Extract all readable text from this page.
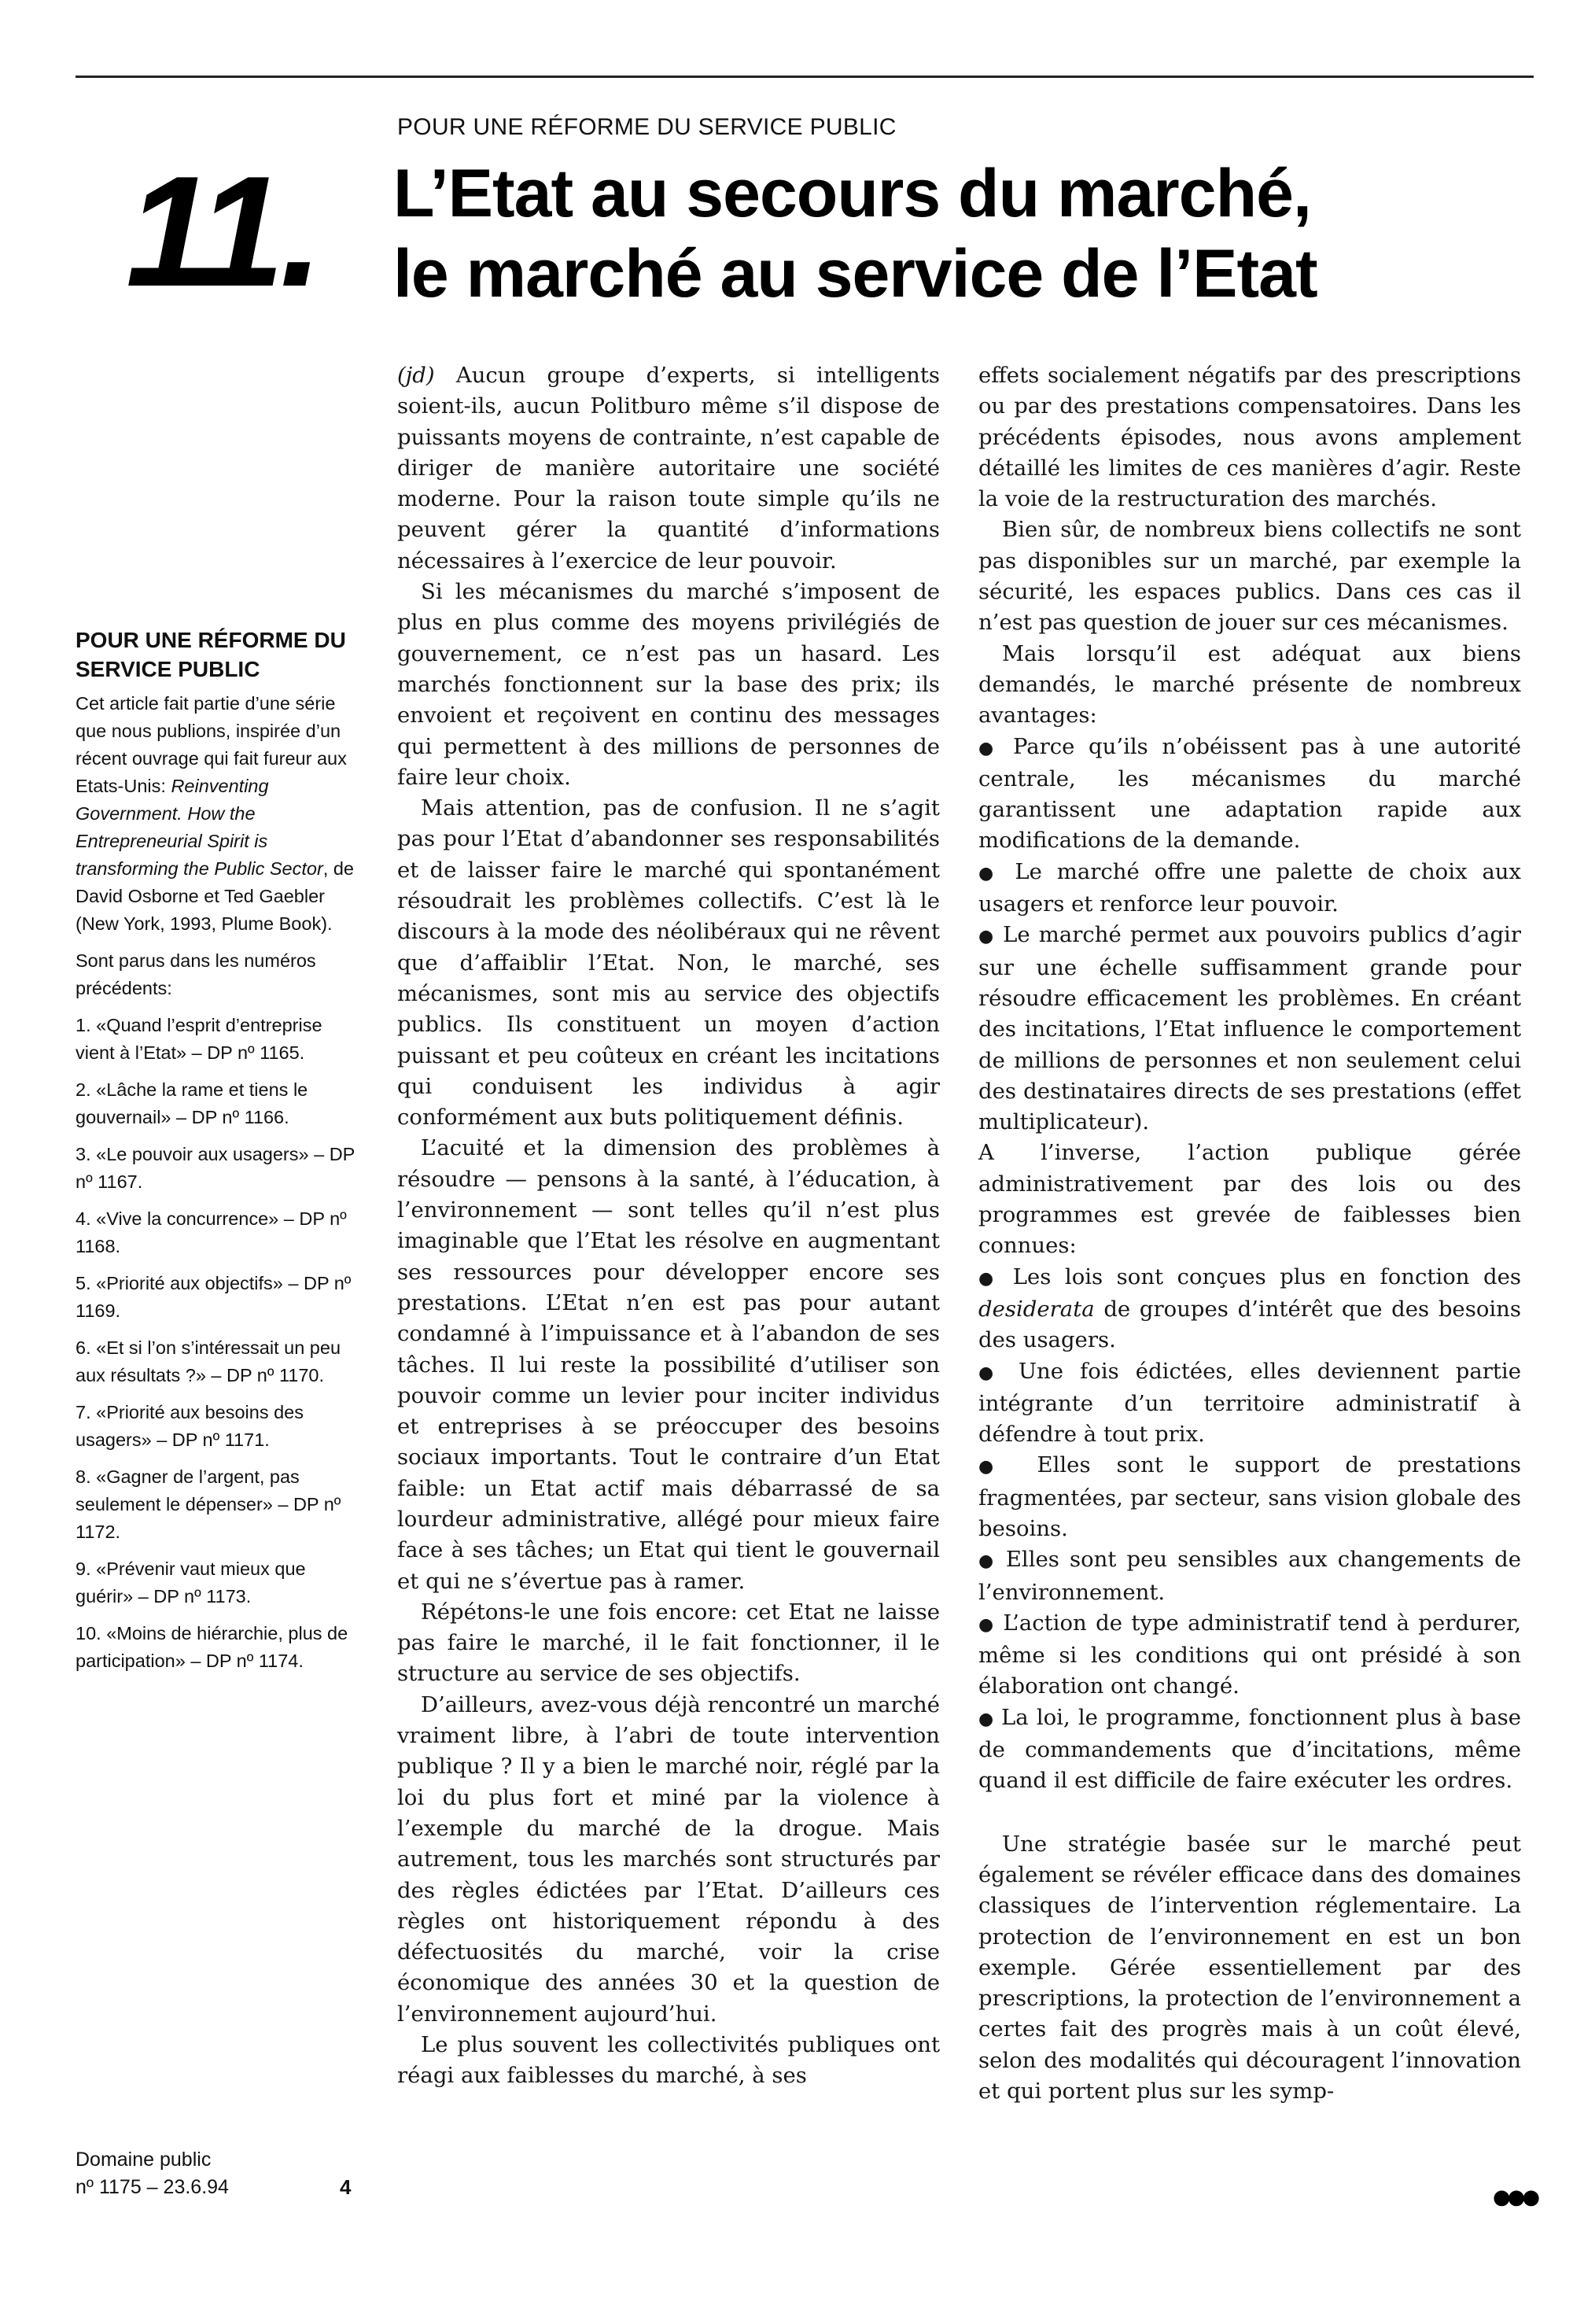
POUR UNE RÉFORME DU SERVICE PUBLIC
11. L’Etat au secours du marché,
le marché au service de l’Etat
POUR UNE RÉFORME DU SERVICE PUBLIC

Cet article fait partie d’une série que nous publions, inspirée d’un récent ouvrage qui fait fureur aux Etats-Unis: Reinventing Government. How the Entrepreneurial Spirit is transforming the Public Sector, de David Osborne et Ted Gaebler (New York, 1993, Plume Book).

Sont parus dans les numéros précédents:

1. «Quand l’esprit d’entreprise vient à l’Etat» – DP nº 1165.
2. «Lâche la rame et tiens le gouvernail» – DP nº 1166.
3. «Le pouvoir aux usagers» – DP nº 1167.
4. «Vive la concurrence» – DP nº 1168.
5. «Priorité aux objectifs» – DP nº 1169.
6. «Et si l’on s’intéressait un peu aux résultats ?» – DP nº 1170.
7. «Priorité aux besoins des usagers» – DP nº 1171.
8. «Gagner de l’argent, pas seulement le dépenser» – DP nº 1172.
9. «Prévenir vaut mieux que guérir» – DP nº 1173.
10. «Moins de hiérarchie, plus de participation» – DP nº 1174.
Domaine public
nº 1175 – 23.6.94	4

(jd) Aucun groupe d’experts, si intelligents soient-ils, aucun Politburo même s’il dispose de puissants moyens de contrainte, n’est capable de diriger de manière autoritaire une société moderne. Pour la raison toute simple qu’ils ne peuvent gérer la quantité d’informations nécessaires à l’exercice de leur pouvoir.

Si les mécanismes du marché s’imposent de plus en plus comme des moyens privilégiés de gouvernement, ce n’est pas un hasard. Les marchés fonctionnent sur la base des prix; ils envoient et reçoivent en continu des messages qui permettent à des millions de personnes de faire leur choix.

Mais attention, pas de confusion. Il ne s’agit pas pour l’Etat d’abandonner ses responsabilités et de laisser faire le marché qui spontanément résoudrait les problèmes collectifs. C’est là le discours à la mode des néolibéraux qui ne rêvent que d’affaiblir l’Etat. Non, le marché, ses mécanismes, sont mis au service des objectifs publics. Ils constituent un moyen d’action puissant et peu coûteux en créant les incitations qui conduisent les individus à agir conformément aux buts politiquement définis.

L’acuité et la dimension des problèmes à résoudre — pensons à la santé, à l’éducation, à l’environnement — sont telles qu’il n’est plus imaginable que l’Etat les résolve en augmentant ses ressources pour développer encore ses prestations. L’Etat n’en est pas pour autant condamné à l’impuissance et à l’abandon de ses tâches. Il lui reste la possibilité d’utiliser son pouvoir comme un levier pour inciter individus et entreprises à se préoccuper des besoins sociaux importants. Tout le contraire d’un Etat faible: un Etat actif mais débarrassé de sa lourdeur administrative, allégé pour mieux faire face à ses tâches; un Etat qui tient le gouvernail et qui ne s’évertue pas à ramer.

Répétons-le une fois encore: cet Etat ne laisse pas faire le marché, il le fait fonctionner, il le structure au service de ses objectifs.

D’ailleurs, avez-vous déjà rencontré un marché vraiment libre, à l’abri de toute intervention publique ? Il y a bien le marché noir, réglé par la loi du plus fort et miné par la violence à l’exemple du marché de la drogue. Mais autrement, tous les marchés sont structurés par des règles édictées par l’Etat. D’ailleurs ces règles ont historiquement répondu à des défectuosités du marché, voir la crise économique des années 30 et la question de l’environnement aujourd’hui.

Le plus souvent les collectivités publiques ont réagi aux faiblesses du marché, à ses

effets socialement négatifs par des prescriptions ou par des prestations compensatoires. Dans les précédents épisodes, nous avons amplement détaillé les limites de ces manières d’agir. Reste la voie de la restructuration des marchés.

Bien sûr, de nombreux biens collectifs ne sont pas disponibles sur un marché, par exemple la sécurité, les espaces publics. Dans ces cas il n’est pas question de jouer sur ces mécanismes.

Mais lorsqu’il est adéquat aux biens demandés, le marché présente de nombreux avantages:

● Parce qu’ils n’obéissent pas à une autorité centrale, les mécanismes du marché garantissent une adaptation rapide aux modifications de la demande.

● Le marché offre une palette de choix aux usagers et renforce leur pouvoir.

● Le marché permet aux pouvoirs publics d’agir sur une échelle suffisamment grande pour résoudre efficacement les problèmes. En créant des incitations, l’Etat influence le comportement de millions de personnes et non seulement celui des destinataires directs de ses prestations (effet multiplicateur).

A l’inverse, l’action publique gérée administrativement par des lois ou des programmes est grevée de faiblesses bien connues:

● Les lois sont conçues plus en fonction des desiderata de groupes d’intérêt que des besoins des usagers.

● Une fois édictées, elles deviennent partie intégrante d’un territoire administratif à défendre à tout prix.

● Elles sont le support de prestations fragmentées, par secteur, sans vision globale des besoins.

● Elles sont peu sensibles aux changements de l’environnement.

● L’action de type administratif tend à perdurer, même si les conditions qui ont présidé à son élaboration ont changé.

● La loi, le programme, fonctionnent plus à base de commandements que d’incitations, même quand il est difficile de faire exécuter les ordres.

Une stratégie basée sur le marché peut également se révéler efficace dans des domaines classiques de l’intervention réglementaire. La protection de l’environnement en est un bon exemple. Gérée essentiellement par des prescriptions, la protection de l’environnement a certes fait des progrès mais à un coût élevé, selon des modalités qui découragent l’innovation et qui portent plus sur les symp-

●●●
